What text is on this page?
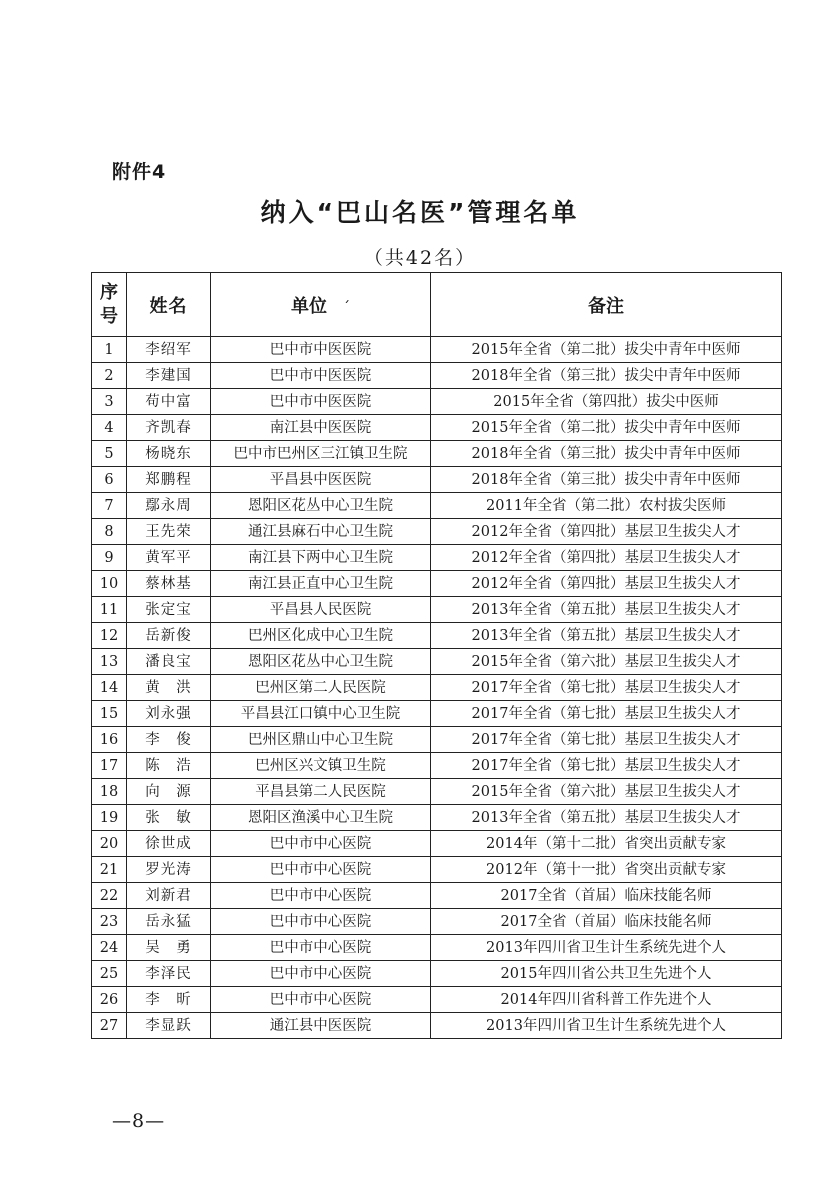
附件4
纳入“巴山名医”管理名单
（共42名）
序
号	姓名	单位 ˊ	备注
1	李绍军	巴中市中医医院	2015年全省（第二批）拔尖中青年中医师
2	李建国	巴中市中医医院	2018年全省（第三批）拔尖中青年中医师
3	苟中富	巴中市中医医院	2015年全省（第四批）拔尖中医师
4	齐凯春	南江县中医医院	2015年全省（第二批）拔尖中青年中医师
5	杨晓东	巴中市巴州区三江镇卫生院	2018年全省（第三批）拔尖中青年中医师
6	郑鹏程	平昌县中医医院	2018年全省（第三批）拔尖中青年中医师
7	鄢永周	恩阳区花丛中心卫生院	2011年全省（第二批）农村拔尖医师
8	王先荣	通江县麻石中心卫生院	2012年全省（第四批）基层卫生拔尖人才
9	黄军平	南江县下两中心卫生院	2012年全省（第四批）基层卫生拔尖人才
10	蔡林基	南江县正直中心卫生院	2012年全省（第四批）基层卫生拔尖人才
11	张定宝	平昌县人民医院	2013年全省（第五批）基层卫生拔尖人才
12	岳新俊	巴州区化成中心卫生院	2013年全省（第五批）基层卫生拔尖人才
13	潘良宝	恩阳区花丛中心卫生院	2015年全省（第六批）基层卫生拔尖人才
14	黄　洪	巴州区第二人民医院	2017年全省（第七批）基层卫生拔尖人才
15	刘永强	平昌县江口镇中心卫生院	2017年全省（第七批）基层卫生拔尖人才
16	李　俊	巴州区鼎山中心卫生院	2017年全省（第七批）基层卫生拔尖人才
17	陈　浩	巴州区兴文镇卫生院	2017年全省（第七批）基层卫生拔尖人才
18	向　源	平昌县第二人民医院	2015年全省（第六批）基层卫生拔尖人才
19	张　敏	恩阳区渔溪中心卫生院	2013年全省（第五批）基层卫生拔尖人才
20	徐世成	巴中市中心医院	2014年（第十二批）省突出贡献专家
21	罗光涛	巴中市中心医院	2012年（第十一批）省突出贡献专家
22	刘新君	巴中市中心医院	2017全省（首届）临床技能名师
23	岳永猛	巴中市中心医院	2017全省（首届）临床技能名师
24	吴　勇	巴中市中心医院	2013年四川省卫生计生系统先进个人
25	李泽民	巴中市中心医院	2015年四川省公共卫生先进个人
26	李　昕	巴中市中心医院	2014年四川省科普工作先进个人
27	李显跃	通江县中医医院	2013年四川省卫生计生系统先进个人
—8—
